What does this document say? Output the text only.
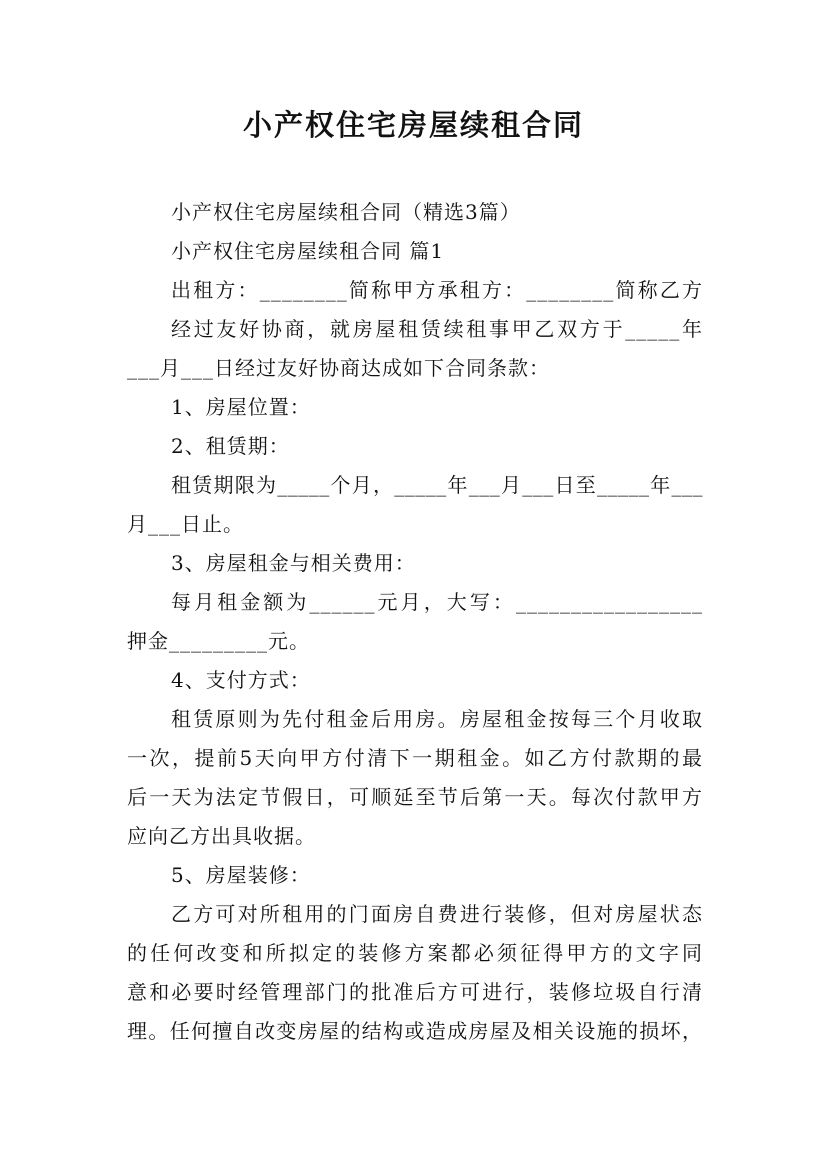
小产权住宅房屋续租合同
小产权住宅房屋续租合同（精选3篇）
小产权住宅房屋续租合同 篇1
出租方：________简称甲方承租方：________简称乙方
经过友好协商，就房屋租赁续租事甲乙双方于_____年
___月___日经过友好协商达成如下合同条款：
1、房屋位置：
2、租赁期：
租赁期限为_____个月，_____年___月___日至_____年___
月___日止。
3、房屋租金与相关费用：
每月租金额为______元月，大写：_________________
押金_________元。
4、支付方式：
租赁原则为先付租金后用房。房屋租金按每三个月收取
一次，提前5天向甲方付清下一期租金。如乙方付款期的最
后一天为法定节假日，可顺延至节后第一天。每次付款甲方
应向乙方出具收据。
5、房屋装修：
乙方可对所租用的门面房自费进行装修，但对房屋状态
的任何改变和所拟定的装修方案都必须征得甲方的文字同
意和必要时经管理部门的批准后方可进行，装修垃圾自行清
理。任何擅自改变房屋的结构或造成房屋及相关设施的损坏，
